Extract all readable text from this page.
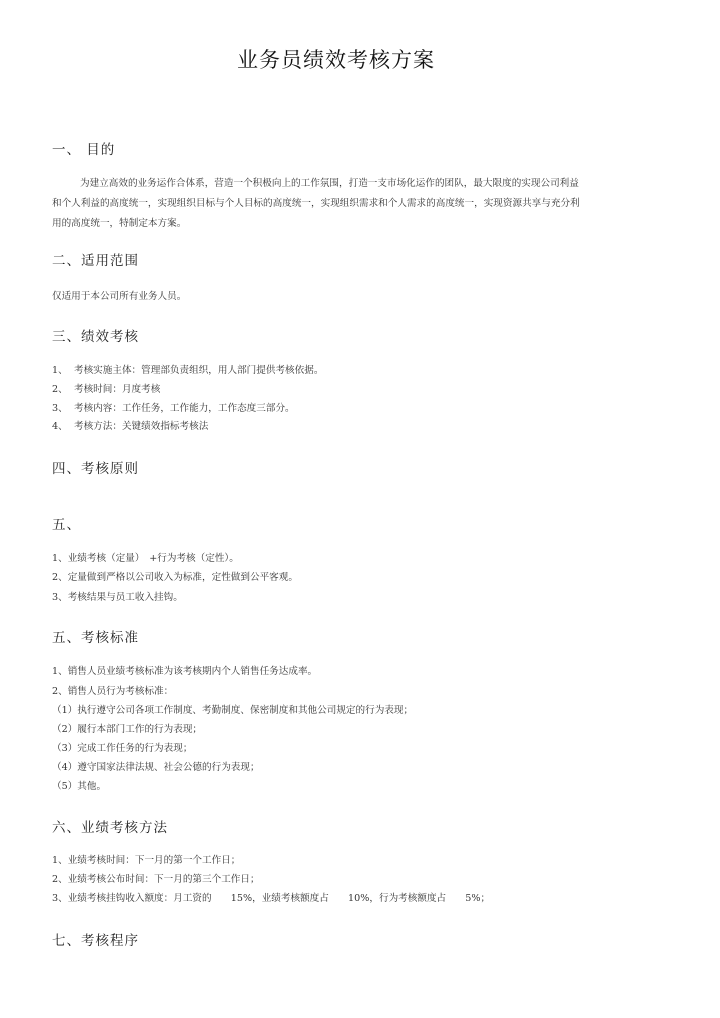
业务员绩效考核方案
一、 目的
为建立高效的业务运作合体系，营造一个积极向上的工作氛围，打造一支市场化运作的团队，最大限度的实现公司利益和个人利益的高度统一，实现组织目标与个人目标的高度统一，实现组织需求和个人需求的高度统一，实现资源共享与充分利用的高度统一，特制定本方案。
二、适用范围
仅适用于本公司所有业务人员。
三、绩效考核
1、 考核实施主体：管理部负责组织，用人部门提供考核依据。
2、 考核时间：月度考核
3、 考核内容：工作任务，工作能力，工作态度三部分。
4、 考核方法：关键绩效指标考核法
四、考核原则
五、
1、业绩考核（定量）　+行为考核（定性）。
2、定量做到严格以公司收入为标准，定性做到公平客观。
3、考核结果与员工收入挂钩。
五、考核标准
1、销售人员业绩考核标准为该考核期内个人销售任务达成率。
2、销售人员行为考核标准：
（1）执行遵守公司各项工作制度、考勤制度、保密制度和其他公司规定的行为表现；
（2）履行本部门工作的行为表现；
（3）完成工作任务的行为表现；
（4）遵守国家法律法规、社会公德的行为表现；
（5）其他。
六、业绩考核方法
1、业绩考核时间：下一月的第一个工作日；
2、业绩考核公布时间：下一月的第三个工作日；
3、业绩考核挂钩收入额度：月工资的　　15%，业绩考核额度占　　10%，行为考核额度占　　5%；
七、考核程序
